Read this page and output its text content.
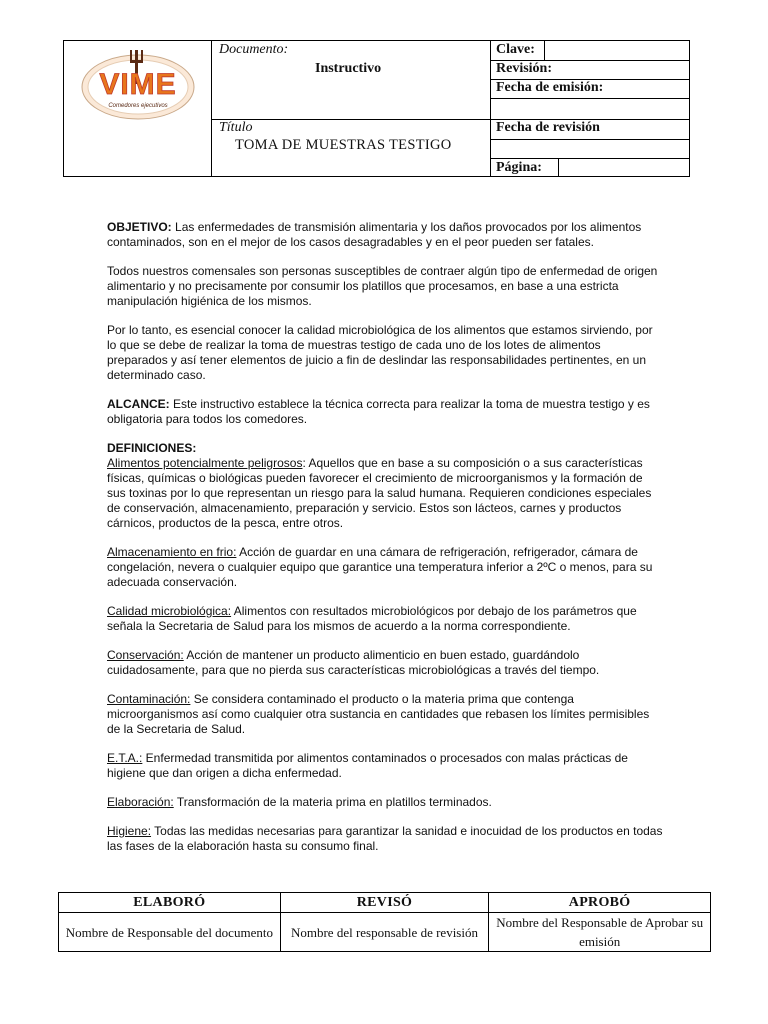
VIME
Comedores ejecutivos
Documento:
Instructivo
Título
TOMA DE MUESTRAS TESTIGO
Clave:
Revisión:
Fecha de emisión:
Fecha de revisión
Página:

OBJETIVO: Las enfermedades de transmisión alimentaria y los daños provocados por los alimentos contaminados, son en el mejor de los casos desagradables y en el peor pueden ser fatales.

Todos nuestros comensales son personas susceptibles de contraer algún tipo de enfermedad de origen alimentario y no precisamente por consumir los platillos que procesamos, en base a una estricta manipulación higiénica de los mismos.

Por lo tanto, es esencial conocer la calidad microbiológica de los alimentos que estamos sirviendo, por lo que se debe de realizar la toma de muestras testigo de cada uno de los lotes de alimentos preparados y así tener elementos de juicio a fin de deslindar las responsabilidades pertinentes, en un determinado caso.

ALCANCE: Este instructivo establece la técnica correcta para realizar la toma de muestra testigo y es obligatoria para todos los comedores.

DEFINICIONES:

Alimentos potencialmente peligrosos: Aquellos que en base a su composición o a sus características físicas, químicas o biológicas pueden favorecer el crecimiento de microorganismos y la formación de sus toxinas por lo que representan un riesgo para la salud humana. Requieren condiciones especiales de conservación, almacenamiento, preparación y servicio. Estos son lácteos, carnes y productos cárnicos, productos de la pesca, entre otros.

Almacenamiento en frio: Acción de guardar en una cámara de refrigeración, refrigerador, cámara de congelación, nevera o cualquier equipo que garantice una temperatura inferior a 2ºC o menos, para su adecuada conservación.

Calidad microbiológica: Alimentos con resultados microbiológicos por debajo de los parámetros que señala la Secretaria de Salud para los mismos de acuerdo a la norma correspondiente.

Conservación: Acción de mantener un producto alimenticio en buen estado, guardándolo cuidadosamente, para que no pierda sus características microbiológicas a través del tiempo.

Contaminación: Se considera contaminado el producto o la materia prima que contenga microorganismos así como cualquier otra sustancia en cantidades que rebasen los límites permisibles de la Secretaria de Salud.

E.T.A.: Enfermedad transmitida por alimentos contaminados o procesados con malas prácticas de higiene que dan origen a dicha enfermedad.

Elaboración: Transformación de la materia prima en platillos terminados.

Higiene: Todas las medidas necesarias para garantizar la sanidad e inocuidad de los productos en todas las fases de la elaboración hasta su consumo final.

ELABORÓ	REVISÓ	APROBÓ
Nombre de Responsable del documento	Nombre del responsable de revisión	Nombre del Responsable de Aprobar su emisión
